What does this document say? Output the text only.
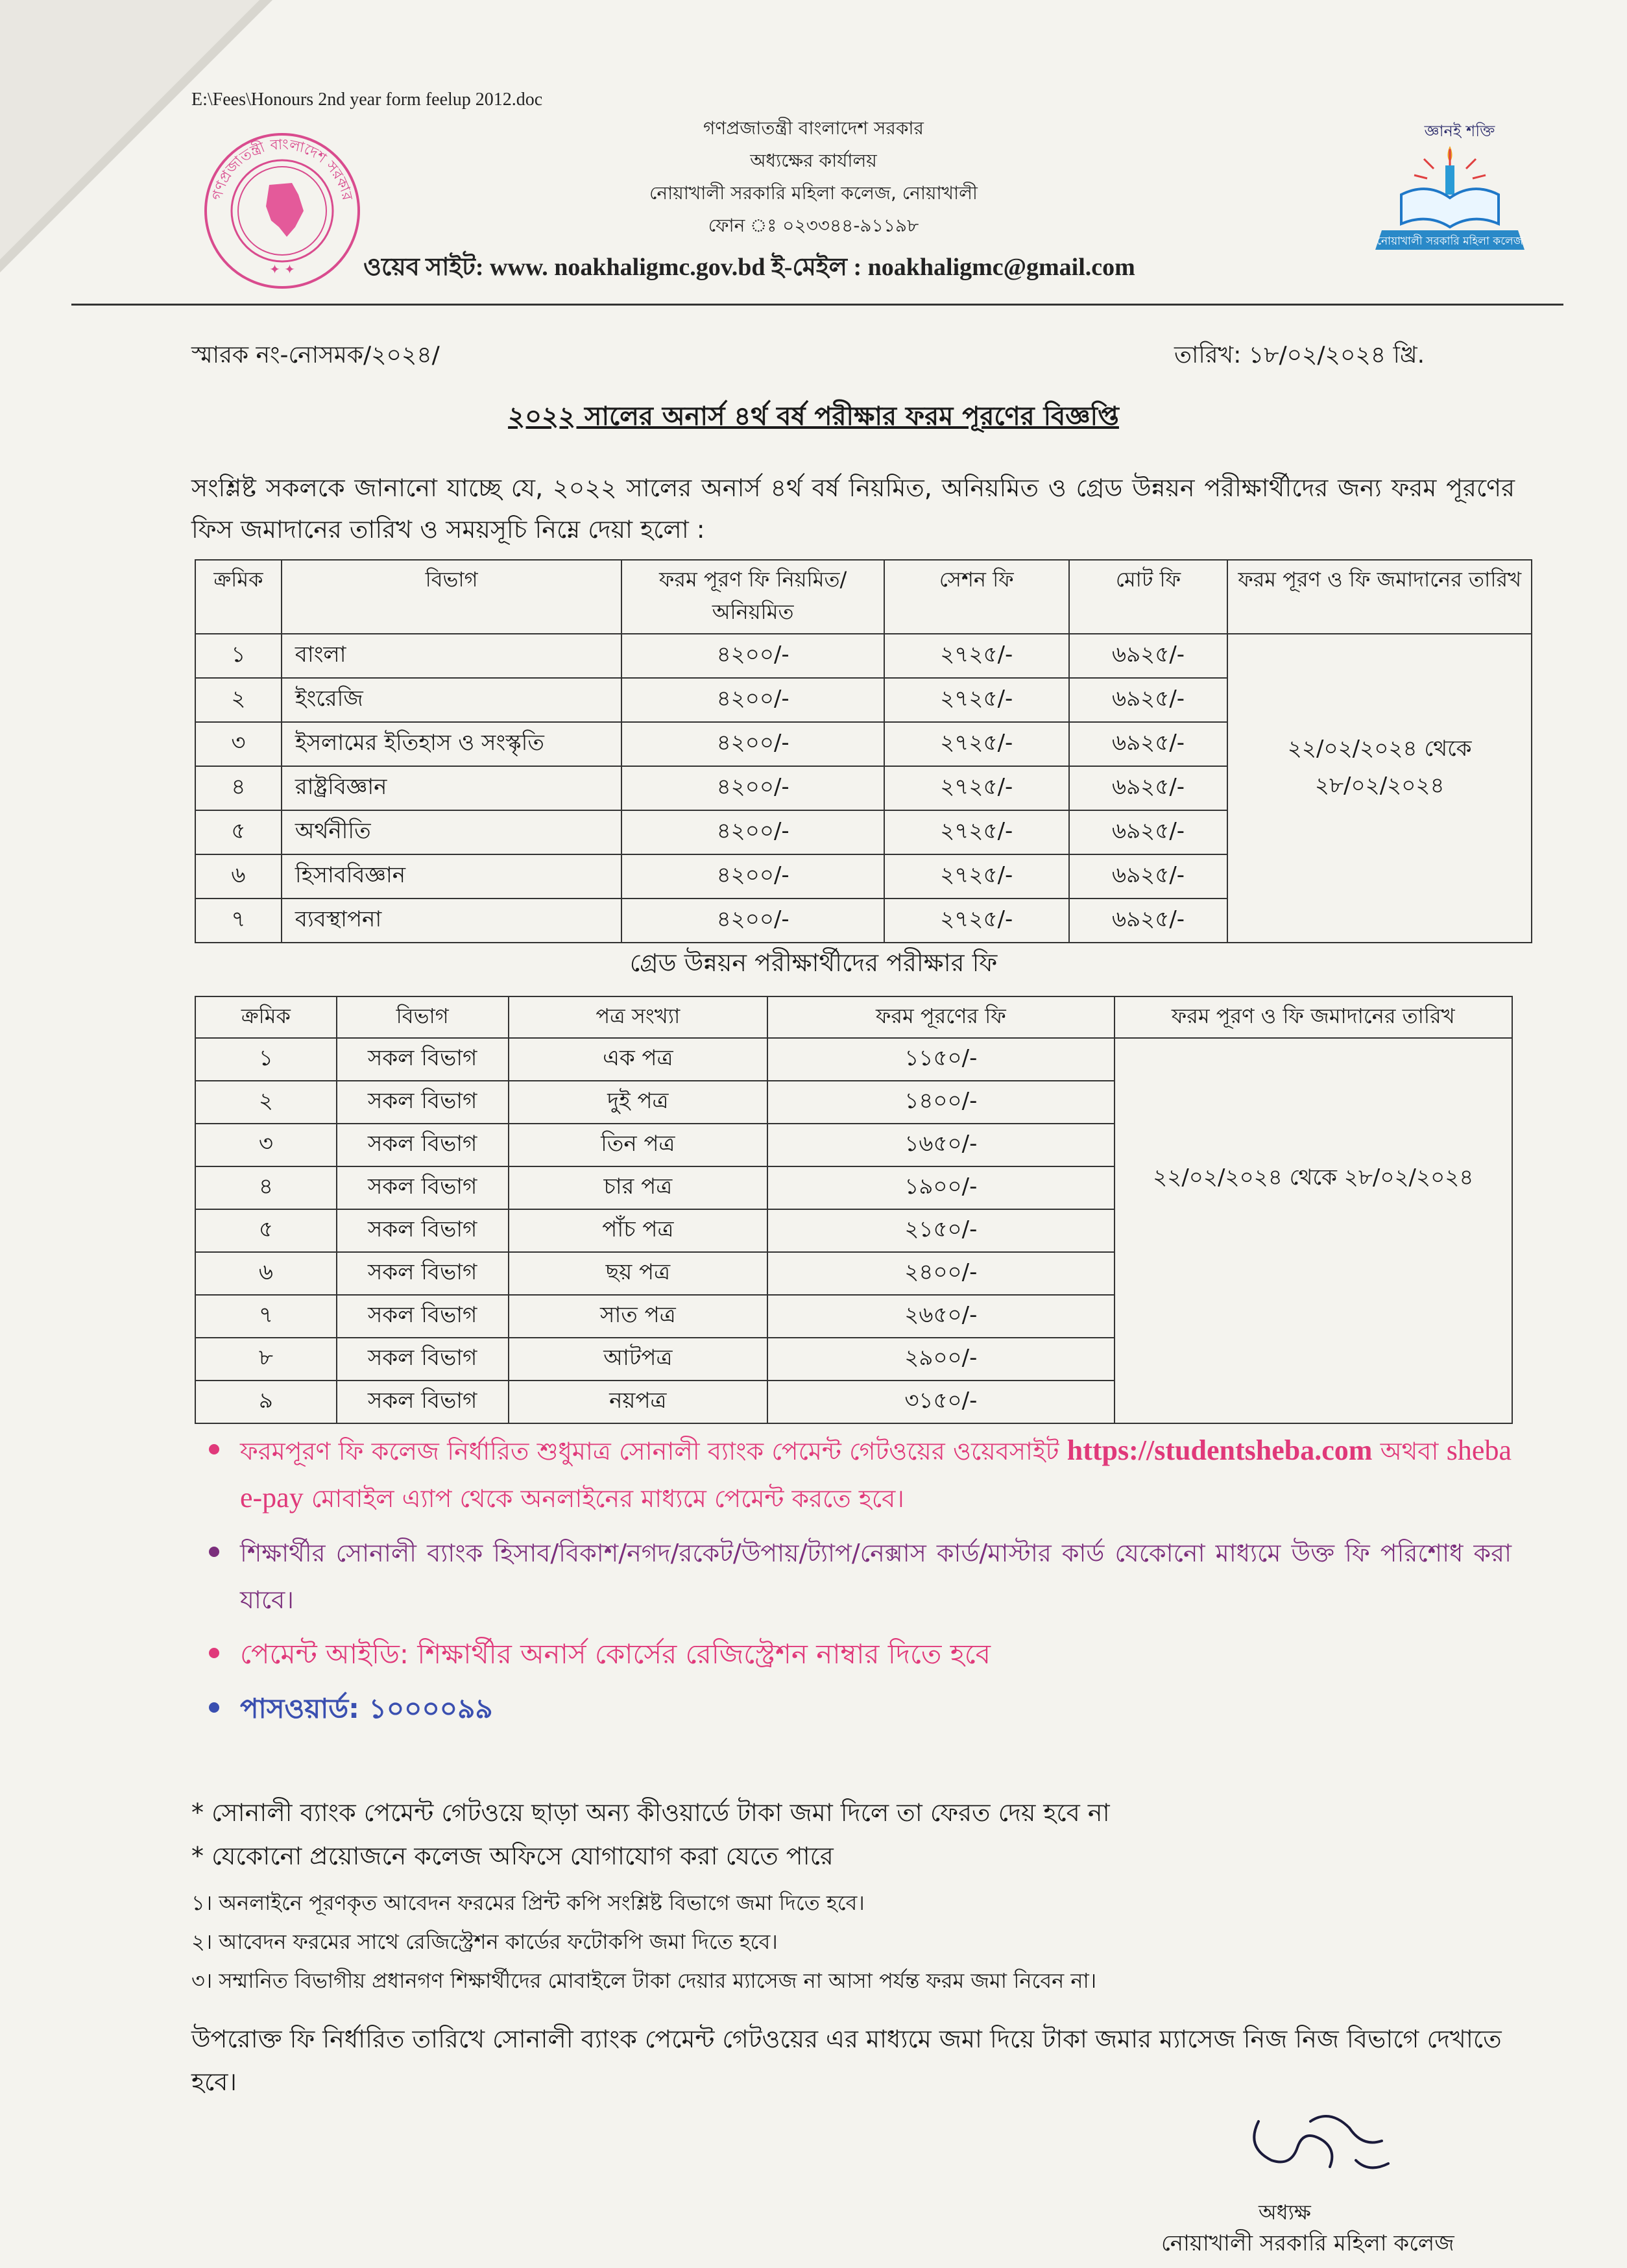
E:\Fees\Honours 2nd year form feelup 2012.doc
গণপ্রজাতন্ত্রী বাংলাদেশ সরকার
✦ ✦
গণপ্রজাতন্ত্রী বাংলাদেশ সরকার
অধ্যক্ষের কার্যালয়
নোয়াখালী সরকারি মহিলা কলেজ, নোয়াখালী
ফোন ঃ ০২৩৩৪৪-৯১১৯৮
ওয়েব সাইট: www. noakhaligmc.gov.bd ই-মেইল : noakhaligmc@gmail.com
জ্ঞানই শক্তি
নোয়াখালী সরকারি মহিলা কলেজ
স্মারক নং-নোসমক/২০২৪/	তারিখ: ১৮/০২/২০২৪ খ্রি.
২০২২ সালের অনার্স ৪র্থ বর্ষ পরীক্ষার ফরম পূরণের বিজ্ঞপ্তি
সংশ্লিষ্ট সকলকে জানানো যাচ্ছে যে, ২০২২ সালের অনার্স ৪র্থ বর্ষ নিয়মিত, অনিয়মিত ও গ্রেড উন্নয়ন পরীক্ষার্থীদের জন্য ফরম পূরণের ফিস জমাদানের তারিখ ও সময়সূচি নিম্নে দেয়া হলো :
ক্রমিক	বিভাগ	ফরম পূরণ ফি নিয়মিত/অনিয়মিত	সেশন ফি	মোট ফি	ফরম পূরণ ও ফি জমাদানের তারিখ
১	বাংলা	৪২০০/-	২৭২৫/-	৬৯২৫/-	২২/০২/২০২৪ থেকে
২৮/০২/২০২৪

২	ইংরেজি	৪২০০/-	২৭২৫/-	৬৯২৫/-	
৩	ইসলামের ইতিহাস ও সংস্কৃতি	৪২০০/-	২৭২৫/-	৬৯২৫/-	
৪	রাষ্ট্রবিজ্ঞান	৪২০০/-	২৭২৫/-	৬৯২৫/-	
৫	অর্থনীতি	৪২০০/-	২৭২৫/-	৬৯২৫/-	
৬	হিসাববিজ্ঞান	৪২০০/-	২৭২৫/-	৬৯২৫/-	
৭	ব্যবস্থাপনা	৪২০০/-	২৭২৫/-	৬৯২৫/-	
গ্রেড উন্নয়ন পরীক্ষার্থীদের পরীক্ষার ফি
ক্রমিক	বিভাগ	পত্র সংখ্যা	ফরম পূরণের ফি	ফরম পূরণ ও ফি জমাদানের তারিখ
১	সকল বিভাগ	এক পত্র	১১৫০/-	২২/০২/২০২৪ থেকে ২৮/০২/২০২৪

২	সকল বিভাগ	দুই পত্র	১৪০০/-	
৩	সকল বিভাগ	তিন পত্র	১৬৫০/-	
৪	সকল বিভাগ	চার পত্র	১৯০০/-	
৫	সকল বিভাগ	পাঁচ পত্র	২১৫০/-	
৬	সকল বিভাগ	ছয় পত্র	২৪০০/-	
৭	সকল বিভাগ	সাত পত্র	২৬৫০/-	
৮	সকল বিভাগ	আটপত্র	২৯০০/-	
৯	সকল বিভাগ	নয়পত্র	৩১৫০/-	
ফরমপূরণ ফি কলেজ নির্ধারিত শুধুমাত্র সোনালী ব্যাংক পেমেন্ট গেটওয়ের ওয়েবসাইট https://studentsheba.com অথবা sheba e-pay মোবাইল এ্যাপ থেকে অনলাইনের মাধ্যমে পেমেন্ট করতে হবে।
শিক্ষার্থীর সোনালী ব্যাংক হিসাব/বিকাশ/নগদ/রকেট/উপায়/ট্যাপ/নেক্সাস কার্ড/মাস্টার কার্ড যেকোনো মাধ্যমে উক্ত ফি পরিশোধ করা যাবে।
পেমেন্ট আইডি: শিক্ষার্থীর অনার্স কোর্সের রেজিস্ট্রেশন নাম্বার দিতে হবে
পাসওয়ার্ড: ১০০০০৯৯
* সোনালী ব্যাংক পেমেন্ট গেটওয়ে ছাড়া অন্য কীওয়ার্ডে টাকা জমা দিলে তা ফেরত দেয় হবে না
* যেকোনো প্রয়োজনে কলেজ অফিসে যোগাযোগ করা যেতে পারে
১। অনলাইনে পূরণকৃত আবেদন ফরমের প্রিন্ট কপি সংশ্লিষ্ট বিভাগে জমা দিতে হবে।
২। আবেদন ফরমের সাথে রেজিস্ট্রেশন কার্ডের ফটোকপি জমা দিতে হবে।
৩। সম্মানিত বিভাগীয় প্রধানগণ শিক্ষার্থীদের মোবাইলে টাকা দেয়ার ম্যাসেজ না আসা পর্যন্ত ফরম জমা নিবেন না।
উপরোক্ত ফি নির্ধারিত তারিখে সোনালী ব্যাংক পেমেন্ট গেটওয়ের এর মাধ্যমে জমা দিয়ে টাকা জমার ম্যাসেজ নিজ নিজ বিভাগে দেখাতে হবে।
অধ্যক্ষ
নোয়াখালী সরকারি মহিলা কলেজ
